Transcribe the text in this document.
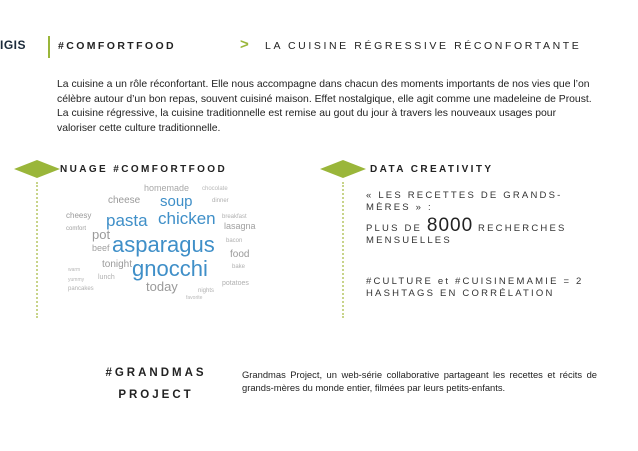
IGIS	#COMFORTFOOD	> LA CUISINE RÉGRESSIVE RÉCONFORTANTE

La cuisine a un rôle réconfortant. Elle nous accompagne dans chacun des moments importants de nos vies que l’on célèbre autour d’un bon repas, souvent cuisiné maison. Effet nostalgique, elle agit comme une madeleine de Proust. La cuisine régressive, la cuisine traditionnelle est remise au gout du jour à travers les nouveaux usages pour valoriser cette culture traditionnelle.

NUAGE #COMFORTFOOD
homemade chocolate
cheese soup	dinner
cheesy pasta chicken breakfast
lasagna
comfort pot	bacon
beef asparagus food
tonight	bake
gnocchi
lunch
potatoes
pancakes	today	nights
favorite
warm
yummy
DATA CREATIVITY
« LES RECETTES DE GRANDS-MÈRES » :
PLUS DE 8000 RECHERCHES MENSUELLES
#CULTURE et #CUISINEMAMIE = 2 HASHTAGS EN CORRÉLATION
#GRANDMAS
PROJECT

Grandmas Project, un web-série collaborative partageant les recettes et récits de grands-mères du monde entier, filmées par leurs petits-enfants.
